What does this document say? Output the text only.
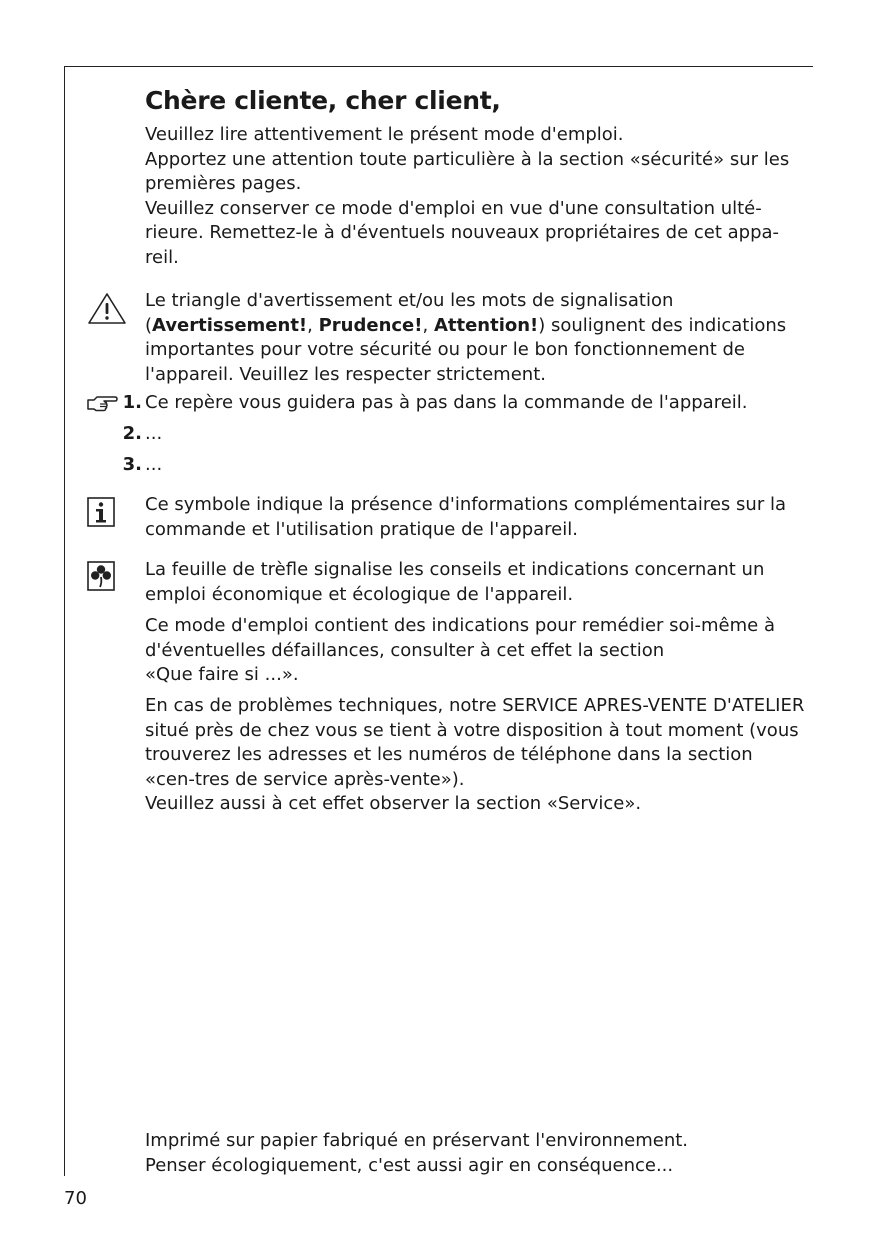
Chère cliente, cher client,

Veuillez lire attentivement le présent mode d'emploi.

Apportez une attention toute particulière à la section «sécurité» sur les premières pages.

Veuillez conserver ce mode d'emploi en vue d'une consultation ulté-rieure. Remettez-le à d'éventuels nouveaux propriétaires de cet appa-reil.

Le triangle d'avertissement et/ou les mots de signalisation
(Avertissement!, Prudence!, Attention!) soulignent des indications importantes pour votre sécurité ou pour le bon fonctionnement de l'appareil. Veuillez les respecter strictement.

1. Ce repère vous guidera pas à pas dans la commande de l'appareil.
2. ...
3. ...

Ce symbole indique la présence d'informations complémentaires sur la commande et l'utilisation pratique de l'appareil.

La feuille de trèfle signalise les conseils et indications concernant un emploi économique et écologique de l'appareil.

Ce mode d'emploi contient des indications pour remédier soi-même à d'éventuelles défaillances, consulter à cet effet la section

«Que faire si ...».

En cas de problèmes techniques, notre SERVICE APRES-VENTE D'ATELIER situé près de chez vous se tient à votre disposition à tout moment (vous trouverez les adresses et les numéros de téléphone dans la section «cen-tres de service après-vente»).

Veuillez aussi à cet effet observer la section «Service».

Imprimé sur papier fabriqué en préservant l'environnement.

Penser écologiquement, c'est aussi agir en conséquence...

70
